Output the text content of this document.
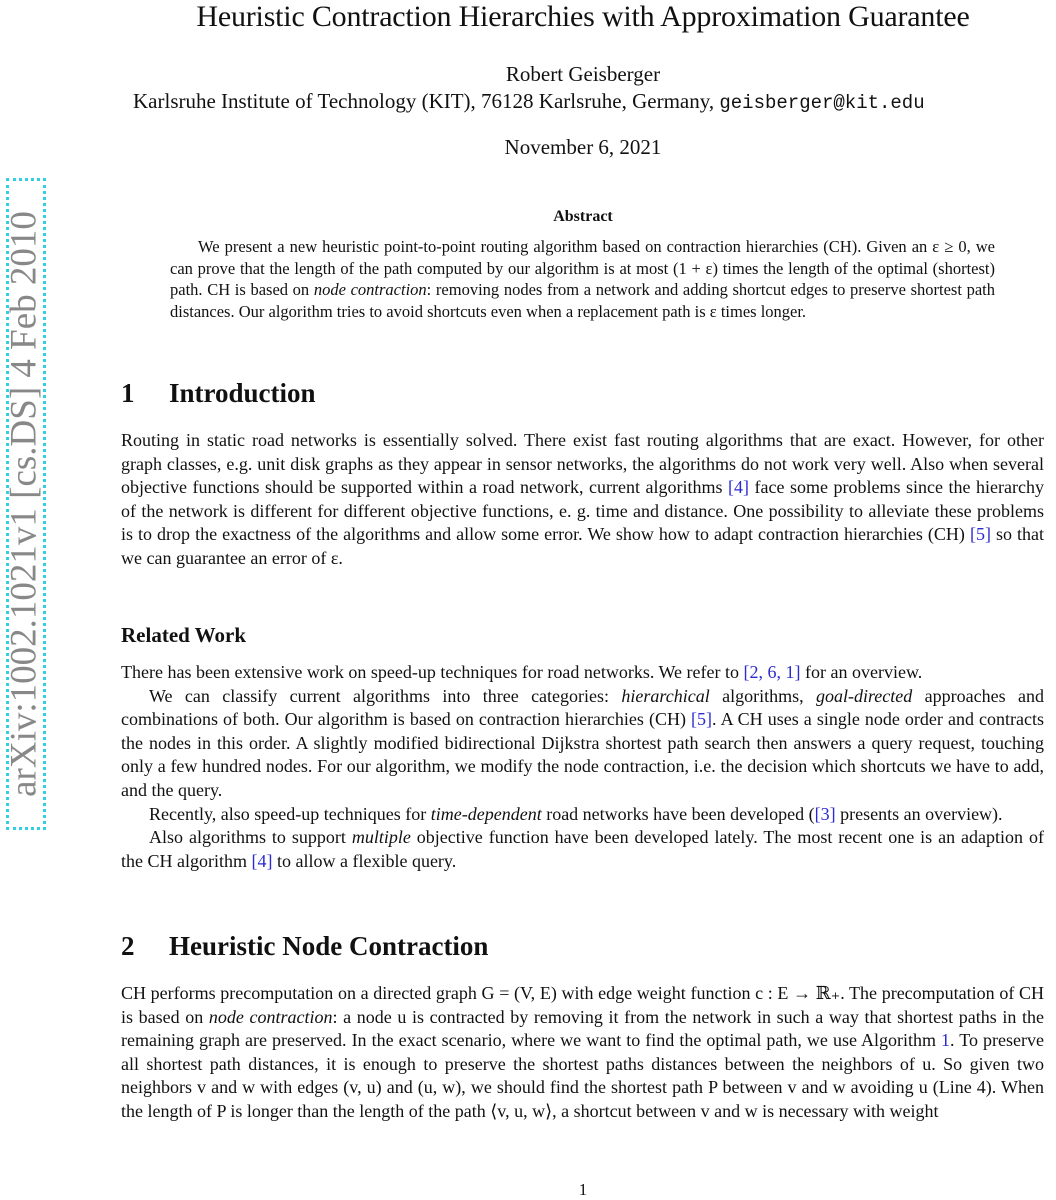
arXiv:1002.1021v1 [cs.DS] 4 Feb 2010
Heuristic Contraction Hierarchies with Approximation Guarantee
Robert Geisberger
Karlsruhe Institute of Technology (KIT), 76128 Karlsruhe, Germany, geisberger@kit.edu
November 6, 2021
Abstract

We present a new heuristic point-to-point routing algorithm based on contraction hierarchies (CH). Given an ε ≥ 0, we can prove that the length of the path computed by our algorithm is at most (1 + ε) times the length of the optimal (shortest) path. CH is based on node contraction: removing nodes from a network and adding shortcut edges to preserve shortest path distances. Our algorithm tries to avoid shortcuts even when a replacement path is ε times longer.

1 Introduction

Routing in static road networks is essentially solved. There exist fast routing algorithms that are exact. However, for other graph classes, e.g. unit disk graphs as they appear in sensor networks, the algorithms do not work very well. Also when several objective functions should be supported within a road network, current algorithms [4] face some problems since the hierarchy of the network is different for different objective functions, e. g. time and distance. One possibility to alleviate these problems is to drop the exactness of the algorithms and allow some error. We show how to adapt contraction hierarchies (CH) [5] so that we can guarantee an error of ε.

Related Work

There has been extensive work on speed-up techniques for road networks. We refer to [2, 6, 1] for an overview.

We can classify current algorithms into three categories: hierarchical algorithms, goal-directed approaches and combinations of both. Our algorithm is based on contraction hierarchies (CH) [5]. A CH uses a single node order and contracts the nodes in this order. A slightly modified bidirectional Dijkstra shortest path search then answers a query request, touching only a few hundred nodes. For our algorithm, we modify the node contraction, i.e. the decision which shortcuts we have to add, and the query.

Recently, also speed-up techniques for time-dependent road networks have been developed ([3] presents an overview).

Also algorithms to support multiple objective function have been developed lately. The most recent one is an adaption of the CH algorithm [4] to allow a flexible query.

2 Heuristic Node Contraction

CH performs precomputation on a directed graph G = (V, E) with edge weight function c : E → ℝ₊. The precomputation of CH is based on node contraction: a node u is contracted by removing it from the network in such a way that shortest paths in the remaining graph are preserved. In the exact scenario, where we want to find the optimal path, we use Algorithm 1. To preserve all shortest path distances, it is enough to preserve the shortest paths distances between the neighbors of u. So given two neighbors v and w with edges (v, u) and (u, w), we should find the shortest path P between v and w avoiding u (Line 4). When the length of P is longer than the length of the path ⟨v, u, w⟩, a shortcut between v and w is necessary with weight

1
